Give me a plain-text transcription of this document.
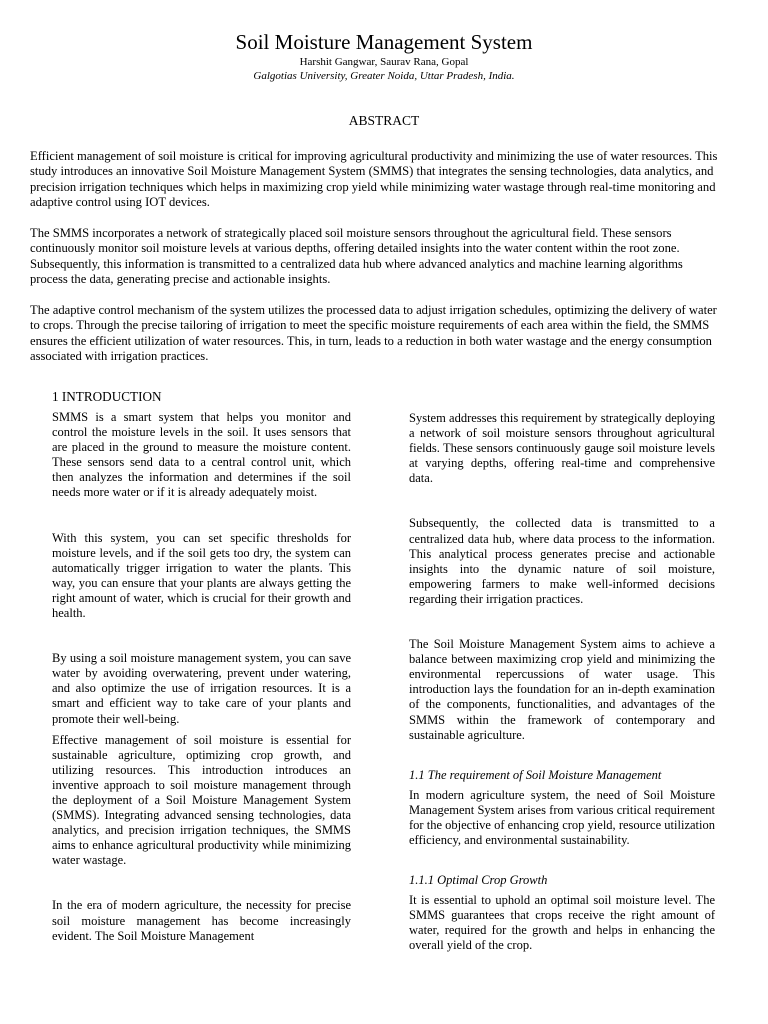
Soil Moisture Management System
Harshit Gangwar, Saurav Rana, Gopal
Galgotias University, Greater Noida, Uttar Pradesh, India.
ABSTRACT

Efficient management of soil moisture is critical for improving agricultural productivity and minimizing the use of water resources. This study introduces an innovative Soil Moisture Management System (SMMS) that integrates the sensing technologies, data analytics, and precision irrigation techniques which helps in maximizing crop yield while minimizing water wastage through real-time monitoring and adaptive control using IOT devices.

The SMMS incorporates a network of strategically placed soil moisture sensors throughout the agricultural field. These sensors continuously monitor soil moisture levels at various depths, offering detailed insights into the water content within the root zone. Subsequently, this information is transmitted to a centralized data hub where advanced analytics and machine learning algorithms process the data, generating precise and actionable insights.

The adaptive control mechanism of the system utilizes the processed data to adjust irrigation schedules, optimizing the delivery of water to crops. Through the precise tailoring of irrigation to meet the specific moisture requirements of each area within the field, the SMMS ensures the efficient utilization of water resources. This, in turn, leads to a reduction in both water wastage and the energy consumption associated with irrigation practices.

1 INTRODUCTION

SMMS is a smart system that helps you monitor and control the moisture levels in the soil. It uses sensors that are placed in the ground to measure the moisture content. These sensors send data to a central control unit, which then analyzes the information and determines if the soil needs more water or if it is already adequately moist.

With this system, you can set specific thresholds for moisture levels, and if the soil gets too dry, the system can automatically trigger irrigation to water the plants. This way, you can ensure that your plants are always getting the right amount of water, which is crucial for their growth and health.

By using a soil moisture management system, you can save water by avoiding overwatering, prevent under watering, and also optimize the use of irrigation resources. It is a smart and efficient way to take care of your plants and promote their well-being.

Effective management of soil moisture is essential for sustainable agriculture, optimizing crop growth, and utilizing resources. This introduction introduces an inventive approach to soil moisture management through the deployment of a Soil Moisture Management System (SMMS). Integrating advanced sensing technologies, data analytics, and precision irrigation techniques, the SMMS aims to enhance agricultural productivity while minimizing water wastage.

In the era of modern agriculture, the necessity for precise soil moisture management has become increasingly evident. The Soil Moisture Management

System addresses this requirement by strategically deploying a network of soil moisture sensors throughout agricultural fields. These sensors continuously gauge soil moisture levels at varying depths, offering real-time and comprehensive data.

Subsequently, the collected data is transmitted to a centralized data hub, where data process to the information. This analytical process generates precise and actionable insights into the dynamic nature of soil moisture, empowering farmers to make well-informed decisions regarding their irrigation practices.

The Soil Moisture Management System aims to achieve a balance between maximizing crop yield and minimizing the environmental repercussions of water usage. This introduction lays the foundation for an in-depth examination of the components, functionalities, and advantages of the SMMS within the framework of contemporary and sustainable agriculture.

1.1 The requirement of Soil Moisture Management

In modern agriculture system, the need of Soil Moisture Management System arises from various critical requirement for the objective of enhancing crop yield, resource utilization efficiency, and environmental sustainability.

1.1.1 Optimal Crop Growth

It is essential to uphold an optimal soil moisture level. The SMMS guarantees that crops receive the right amount of water, required for the growth and helps in enhancing the overall yield of the crop.
